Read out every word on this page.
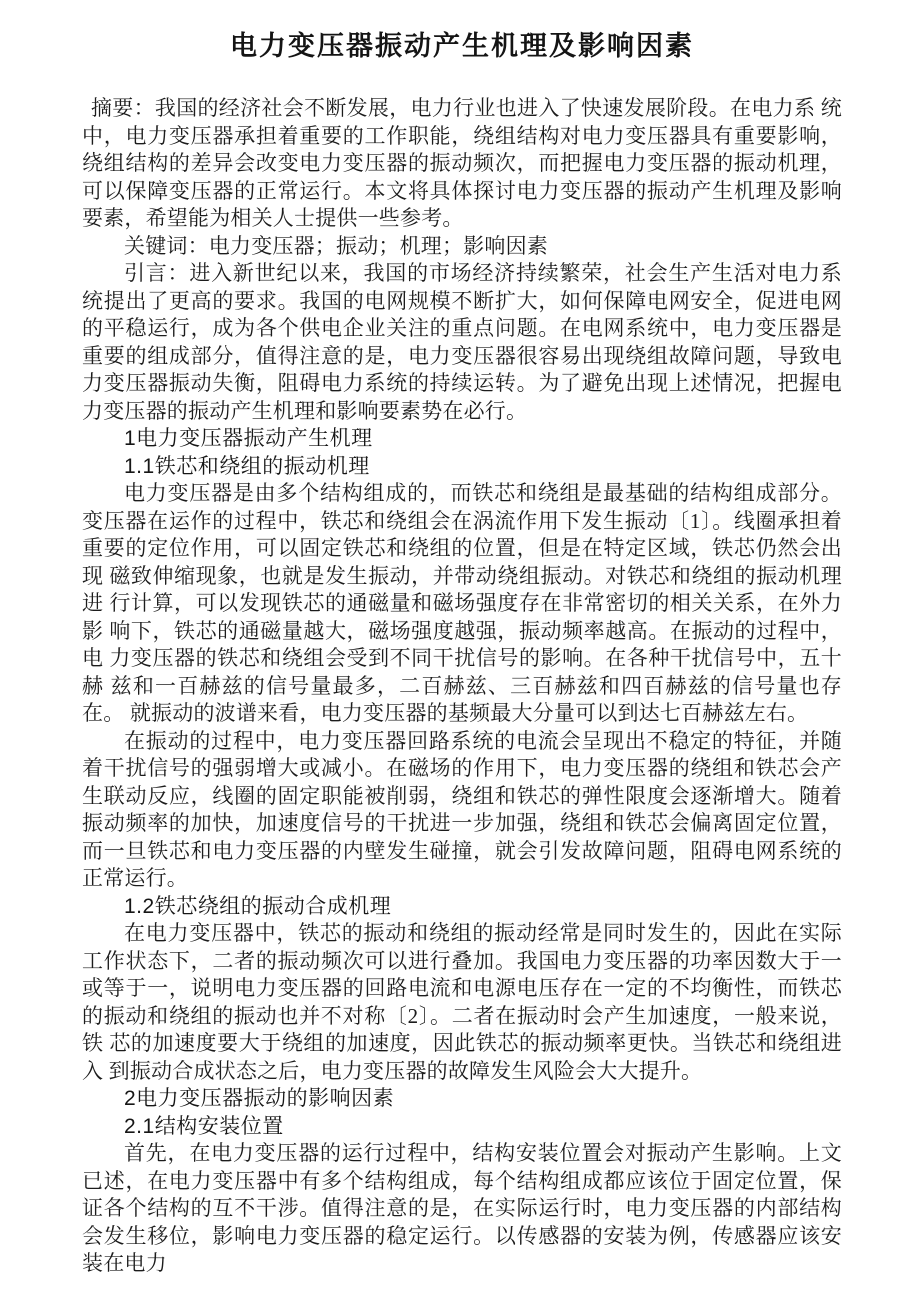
电力变压器振动产生机理及影响因素

摘要：我国的经济社会不断发展，电力行业也进入了快速发展阶段。在电力系 统中，电力变压器承担着重要的工作职能，绕组结构对电力变压器具有重要影响，绕组结构的差异会改变电力变压器的振动频次，而把握电力变压器的振动机理， 可以保障变压器的正常运行。本文将具体探讨电力变压器的振动产生机理及影响 要素，希望能为相关人士提供一些参考。

关键词：电力变压器；振动；机理；影响因素

引言：进入新世纪以来，我国的市场经济持续繁荣，社会生产生活对电力系 统提出了更高的要求。我国的电网规模不断扩大，如何保障电网安全，促进电网 的平稳运行，成为各个供电企业关注的重点问题。在电网系统中，电力变压器是 重要的组成部分，值得注意的是，电力变压器很容易出现绕组故障问题，导致电 力变压器振动失衡，阻碍电力系统的持续运转。为了避免出现上述情况，把握电 力变压器的振动产生机理和影响要素势在必行。

1电力变压器振动产生机理

1.1铁芯和绕组的振动机理

电力变压器是由多个结构组成的，而铁芯和绕组是最基础的结构组成部分。 变压器在运作的过程中，铁芯和绕组会在涡流作用下发生振动〔1〕。线圈承担着重要的定位作用，可以固定铁芯和绕组的位置，但是在特定区域，铁芯仍然会出现 磁致伸缩现象，也就是发生振动，并带动绕组振动。对铁芯和绕组的振动机理进 行计算，可以发现铁芯的通磁量和磁场强度存在非常密切的相关关系，在外力影 响下，铁芯的通磁量越大，磁场强度越强，振动频率越高。在振动的过程中，电 力变压器的铁芯和绕组会受到不同干扰信号的影响。在各种干扰信号中，五十赫 兹和一百赫兹的信号量最多，二百赫兹、三百赫兹和四百赫兹的信号量也存在。 就振动的波谱来看，电力变压器的基频最大分量可以到达七百赫兹左右。

在振动的过程中，电力变压器回路系统的电流会呈现出不稳定的特征，并随 着干扰信号的强弱增大或减小。在磁场的作用下，电力变压器的绕组和铁芯会产 生联动反应，线圈的固定职能被削弱，绕组和铁芯的弹性限度会逐渐增大。随着 振动频率的加快，加速度信号的干扰进一步加强，绕组和铁芯会偏离固定位置， 而一旦铁芯和电力变压器的内壁发生碰撞，就会引发故障问题，阻碍电网系统的 正常运行。

1.2铁芯绕组的振动合成机理

在电力变压器中，铁芯的振动和绕组的振动经常是同时发生的，因此在实际 工作状态下，二者的振动频次可以进行叠加。我国电力变压器的功率因数大于一 或等于一，说明电力变压器的回路电流和电源电压存在一定的不均衡性，而铁芯 的振动和绕组的振动也并不对称〔2〕。二者在振动时会产生加速度，一般来说，铁 芯的加速度要大于绕组的加速度，因此铁芯的振动频率更快。当铁芯和绕组进入 到振动合成状态之后，电力变压器的故障发生风险会大大提升。

2电力变压器振动的影响因素

2.1结构安装位置

首先，在电力变压器的运行过程中，结构安装位置会对振动产生影响。上文 已述，在电力变压器中有多个结构组成，每个结构组成都应该位于固定位置，保 证各个结构的互不干涉。值得注意的是，在实际运行时，电力变压器的内部结构 会发生移位，影响电力变压器的稳定运行。以传感器的安装为例，传感器应该安 装在电力
